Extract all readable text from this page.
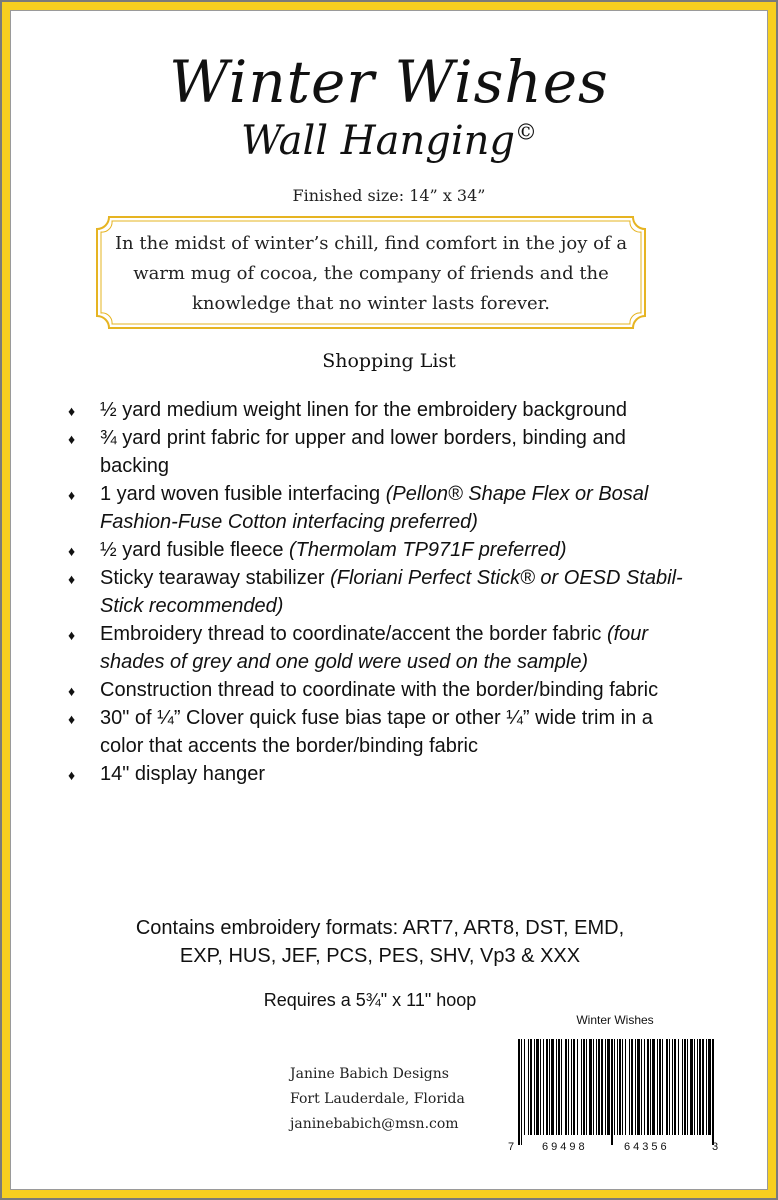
Winter Wishes
Wall Hanging©
Finished size: 14” x 34”
In the midst of winter’s chill, find comfort in the joy of a
warm mug of cocoa, the company of friends and the
knowledge that no winter lasts forever.
Shopping List
♦ ½ yard medium weight linen for the embroidery background
♦ ¾ yard print fabric for upper and lower borders, binding and backing
♦ 1 yard woven fusible interfacing (Pellon® Shape Flex or Bosal Fashion-Fuse Cotton interfacing preferred)
♦ ½ yard fusible fleece (Thermolam TP971F preferred)
♦ Sticky tearaway stabilizer (Floriani Perfect Stick® or OESD Stabil-Stick recommended)
♦ Embroidery thread to coordinate/accent the border fabric (four shades of grey and one gold were used on the sample)
♦ Construction thread to coordinate with the border/binding fabric
♦ 30" of ¼” Clover quick fuse bias tape or other ¼” wide trim in a color that accents the border/binding fabric
♦ 14" display hanger
Contains embroidery formats: ART7, ART8, DST, EMD,
EXP, HUS, JEF, PCS, PES, SHV, Vp3 & XXX
Requires a 5¾" x 11" hoop
Janine Babich Designs
Fort Lauderdale, Florida
janinebabich@msn.com
Winter Wishes
7	69498	64356	3
